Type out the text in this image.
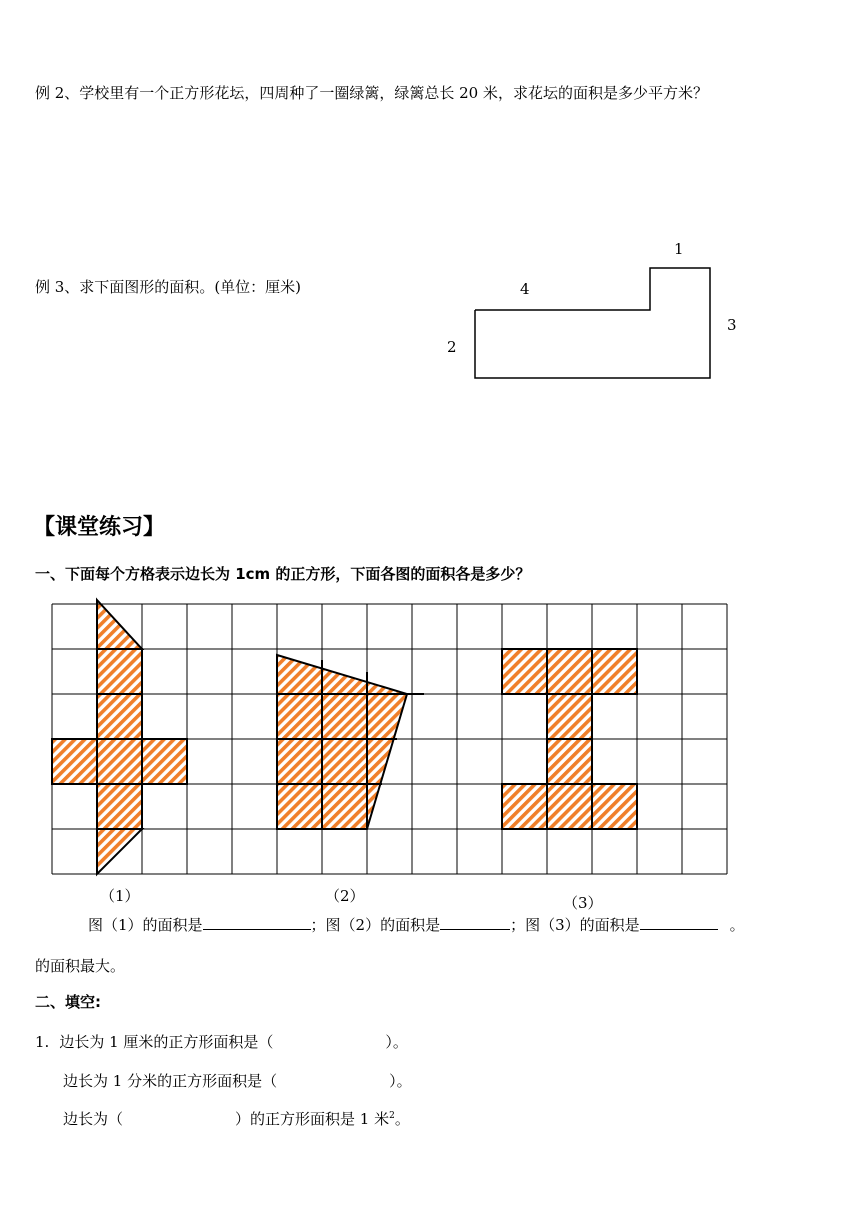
例 2、学校里有一个正方形花坛，四周种了一圈绿篱，绿篱总长 20 米，求花坛的面积是多少平方米？
例 3、求下面图形的面积。(单位：厘米)
1
4
3
2
【课堂练习】
一、下面每个方格表示边长为 1cm 的正方形，下面各图的面积各是多少？
（1）	（2）	（3）
图（1）的面积是	；图（2）的面积是	；图（3）的面积是	。
的面积最大。
二、填空:
1. 边长为 1 厘米的正方形面积是（	）。
边长为 1 分米的正方形面积是（	）。
边长为（	）的正方形面积是 1 米$^2$。
